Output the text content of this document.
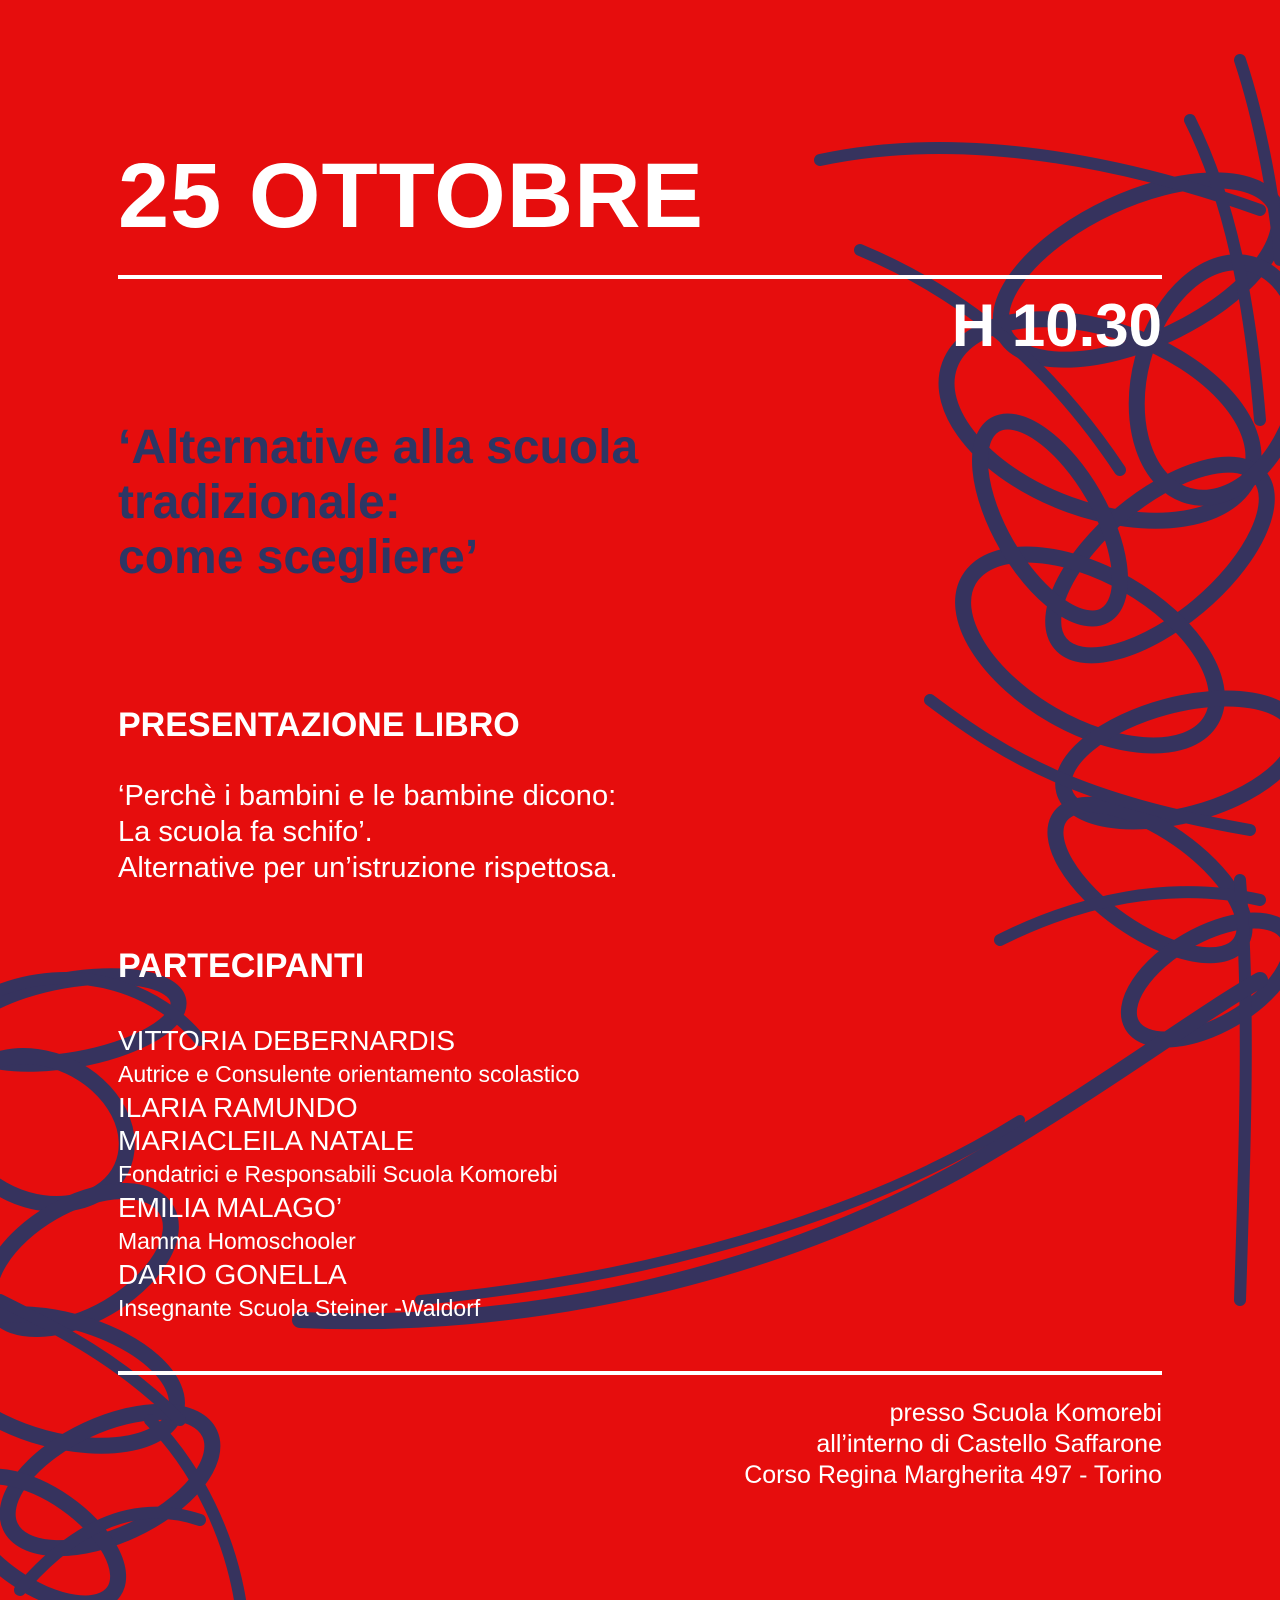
25 OTTOBRE
H 10.30
‘Alternative alla scuola
tradizionale:
come scegliere’
PRESENTAZIONE LIBRO
‘Perchè i bambini e le bambine dicono:
La scuola fa schifo’.
Alternative per un’istruzione rispettosa.
PARTECIPANTI
VITTORIA DEBERNARDIS
Autrice e Consulente orientamento scolastico
ILARIA RAMUNDO
MARIACLEILA NATALE
Fondatrici e Responsabili Scuola Komorebi
EMILIA MALAGO’
Mamma Homoschooler
DARIO GONELLA
Insegnante Scuola Steiner -Waldorf
presso Scuola Komorebi
all’interno di Castello Saffarone
Corso Regina Margherita 497 - Torino
